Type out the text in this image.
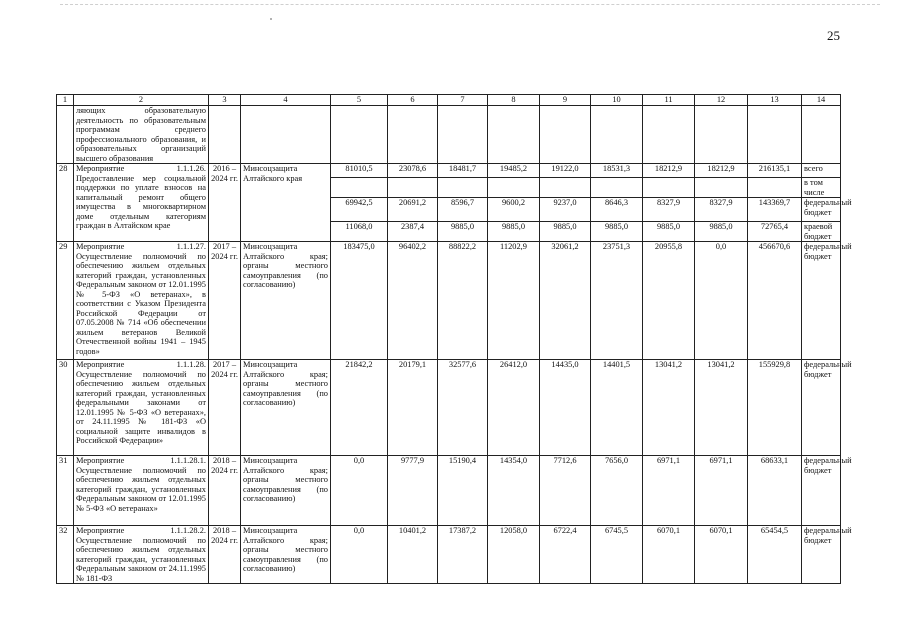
25
1	2	3	4	5	6	7	8	9	10	11	12	13	14
	ляющих образовательную деятельность по образовательным программам среднего профессионального образования, и образовательных организаций высшего образования												
28	Мероприятие 1.1.1.26. Предоставление мер социальной поддержки по уплате взносов на капитальный ремонт общего имущества в многоквартирном доме отдельным категориям граждан в Алтайском крае	2016 – 2024 гг.	Минсоцзащита Алтайского края	81010,5	23078,6	18481,7	19485,2	19122,0	18531,3	18212,9	18212,9	216135,1	всего
													в том числе
				69942,5	20691,2	8596,7	9600,2	9237,0	8646,3	8327,9	8327,9	143369,7	федеральный бюджет
				11068,0	2387,4	9885,0	9885,0	9885,0	9885,0	9885,0	9885,0	72765,4	краевой бюджет
29	Мероприятие 1.1.1.27. Осуществление полномочий по обеспечению жильем отдельных категорий граждан, установленных Федеральным законом от 12.01.1995 № 5-ФЗ «О ветеранах», в соответствии с Указом Президента Российской Федерации от 07.05.2008 № 714 «Об обеспечении жильем ветеранов Великой Отечественной войны 1941 – 1945 годов»	2017 – 2024 гг.	Минсоцзащита Алтайского края; органы местного самоуправления (по согласованию)	183475,0	96402,2	88822,2	11202,9	32061,2	23751,3	20955,8	0,0	456670,6	федеральный бюджет
30	Мероприятие 1.1.1.28. Осуществление полномочий по обеспечению жильем отдельных категорий граждан, установленных федеральными законами от 12.01.1995 № 5-ФЗ «О ветеранах», от 24.11.1995 № 181-ФЗ «О социальной защите инвалидов в Российской Федерации»	2017 – 2024 гг.	Минсоцзащита Алтайского края; органы местного самоуправления (по согласованию)	21842,2	20179,1	32577,6	26412,0	14435,0	14401,5	13041,2	13041,2	155929,8	федеральный бюджет
31	Мероприятие 1.1.1.28.1. Осуществление полномочий по обеспечению жильем отдельных категорий граждан, установленных Федеральным законом от 12.01.1995 № 5-ФЗ «О ветеранах»	2018 – 2024 гг.	Минсоцзащита Алтайского края; органы местного самоуправления (по согласованию)	0,0	9777,9	15190,4	14354,0	7712,6	7656,0	6971,1	6971,1	68633,1	федеральный бюджет
32	Мероприятие 1.1.1.28.2. Осуществление полномочий по обеспечению жильем отдельных категорий граждан, установленных Федеральным законом от 24.11.1995 № 181-ФЗ	2018 – 2024 гг.	Минсоцзащита Алтайского края; органы местного самоуправления (по согласованию)	0,0	10401,2	17387,2	12058,0	6722,4	6745,5	6070,1	6070,1	65454,5	федеральный бюджет
